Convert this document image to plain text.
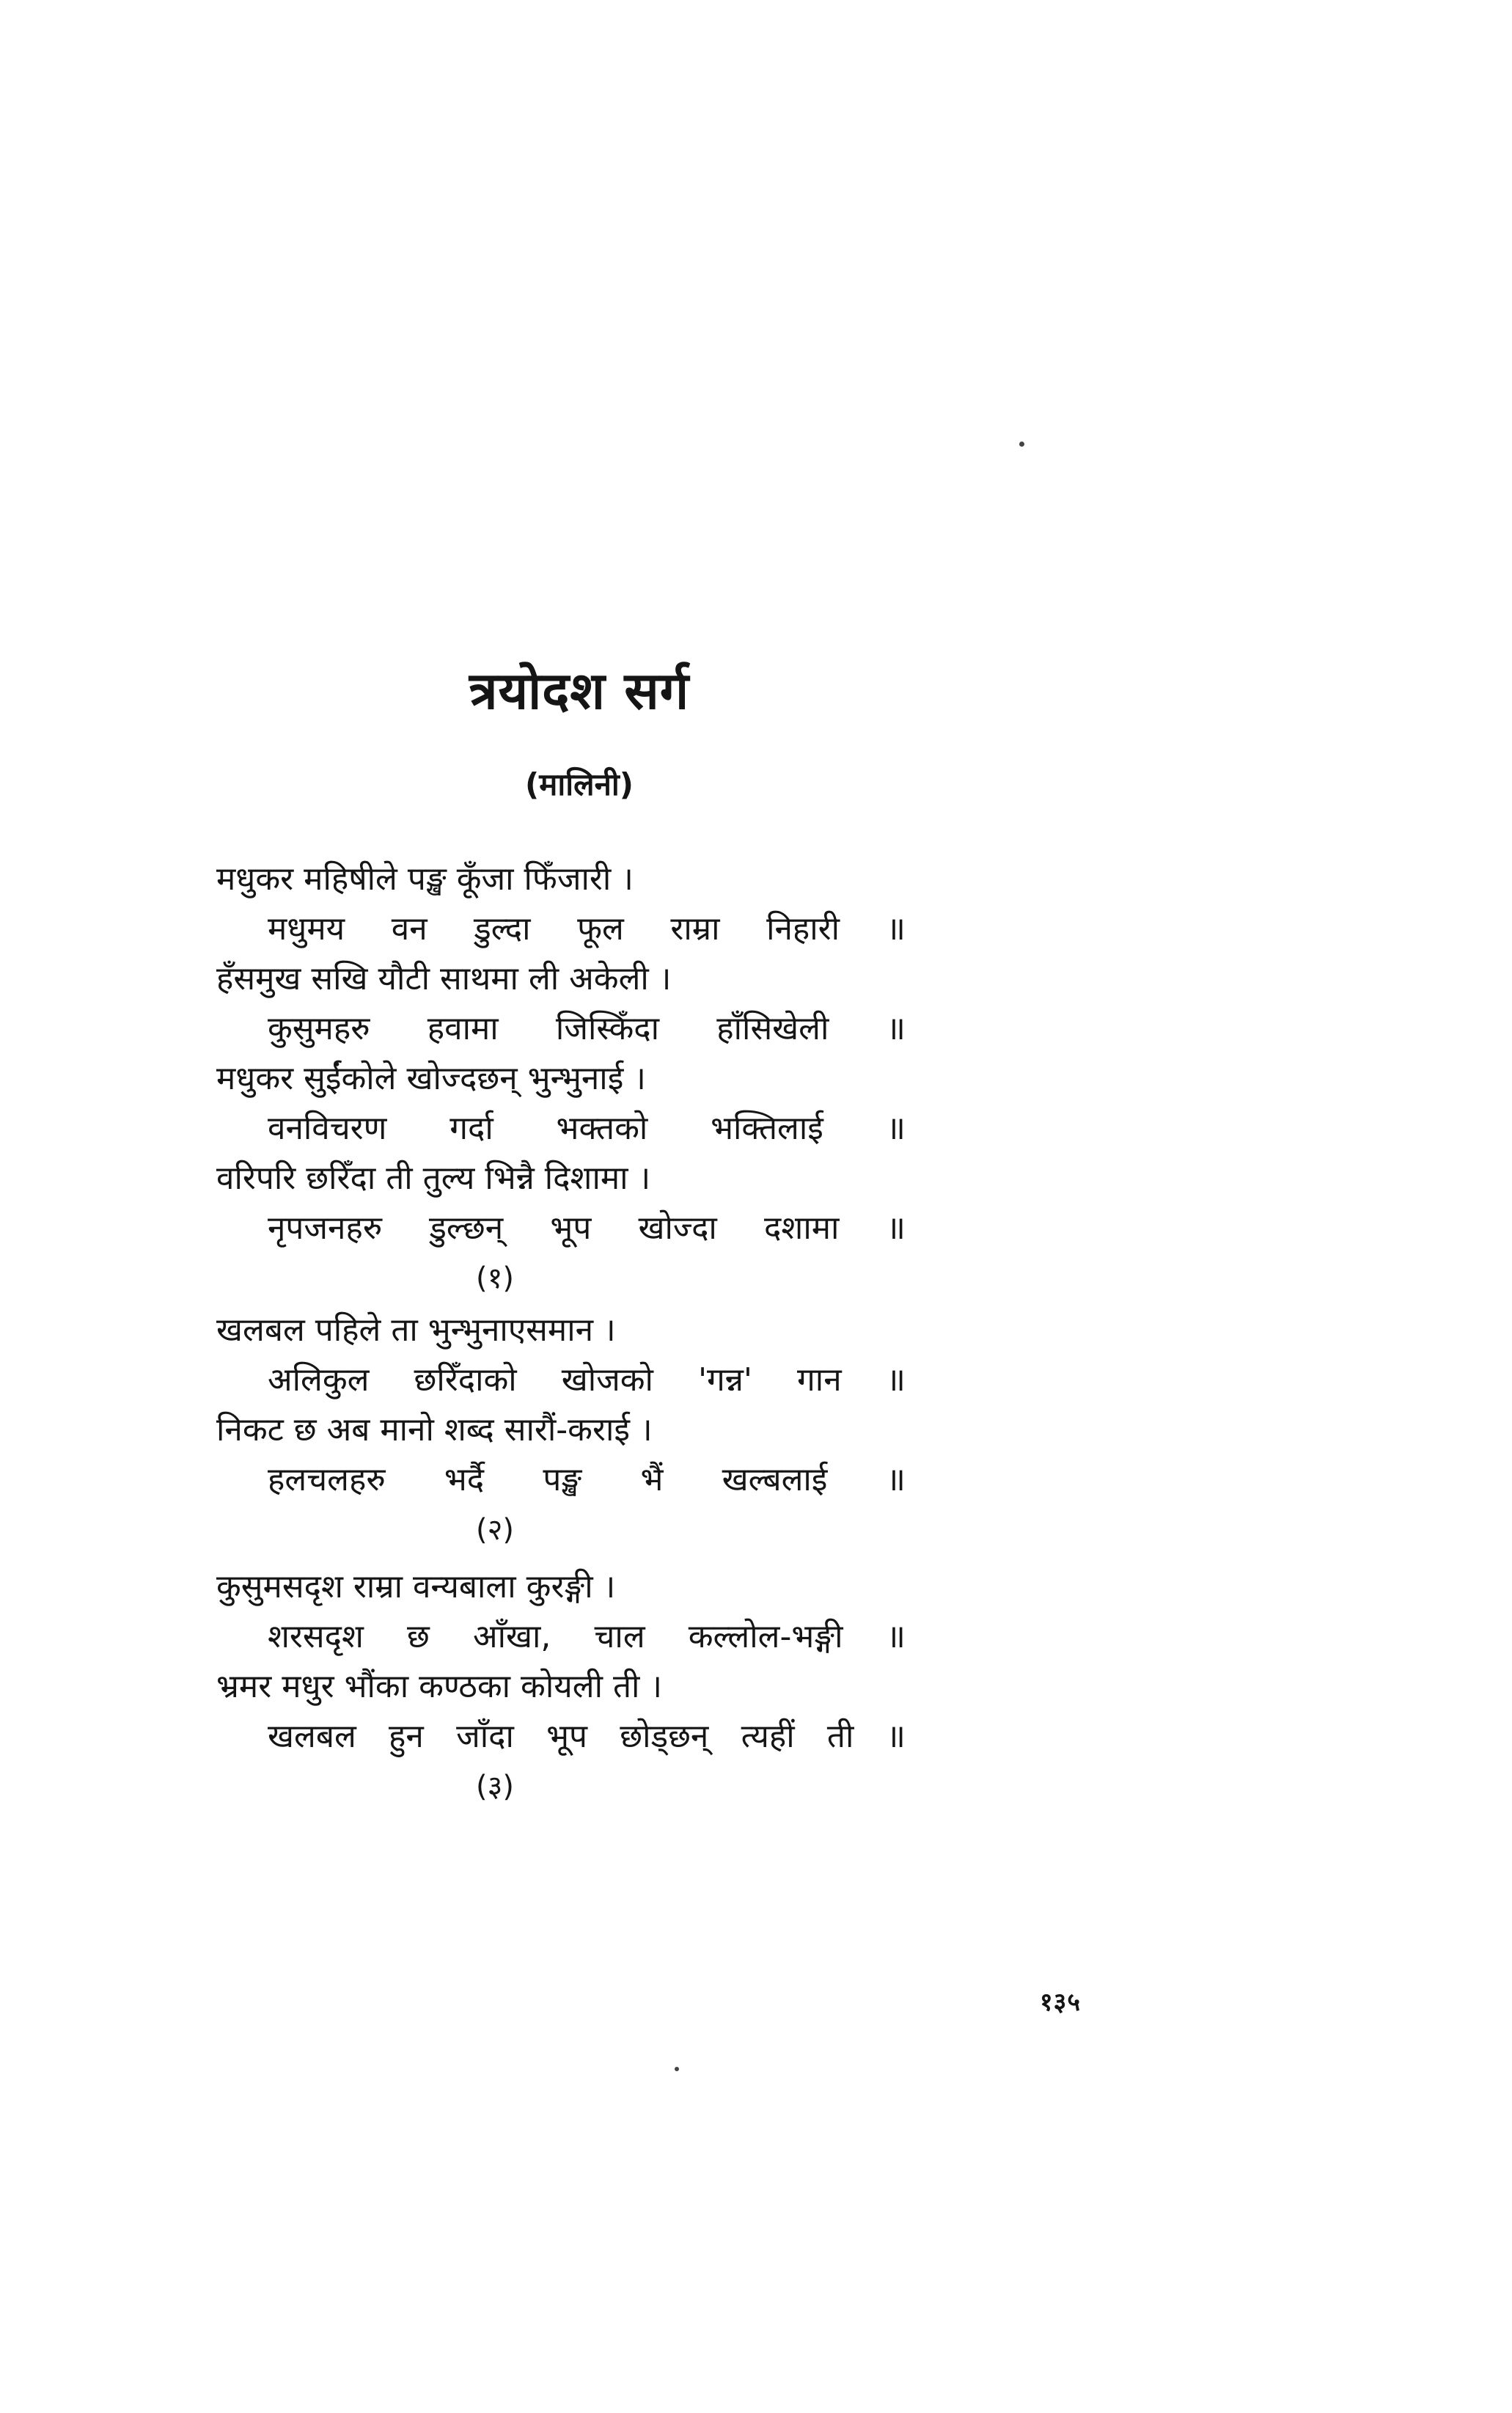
त्रयोदश सर्ग
(मालिनी)
मधुकर महिषीले पङ्ख कूँजा फिँजारी ।
मधुमय वन डुल्दा फूल राम्रा निहारी ॥
हँसमुख सखि यौटी साथमा ली अकेली ।
कुसुमहरु हवामा जिस्किँदा हाँसिखेली ॥
मधुकर सुईंकोले खोज्दछन् भुन्भुनाई ।
वनविचरण गर्दा भक्तको भक्तिलाई ॥
वरिपरि छरिँदा ती तुल्य भिन्नै दिशामा ।
नृपजनहरु डुल्छन् भूप खोज्दा दशामा ॥
(१)
खलबल पहिले ता भुन्भुनाएसमान ।
अलिकुल छरिँदाको खोजको 'गन्न' गान ॥
निकट छ अब मानो शब्द सारौं-कराई ।
हलचलहरु भर्दै पङ्ख भैं खल्बलाई ॥
(२)
कुसुमसदृश राम्रा वन्यबाला कुरङ्गी ।
शरसदृश छ आँखा, चाल कल्लोल-भङ्गी ॥
भ्रमर मधुर भौंका कण्ठका कोयली ती ।
खलबल हुन जाँदा भूप छोड्छन् त्यहीं ती ॥
(३)
१३५
